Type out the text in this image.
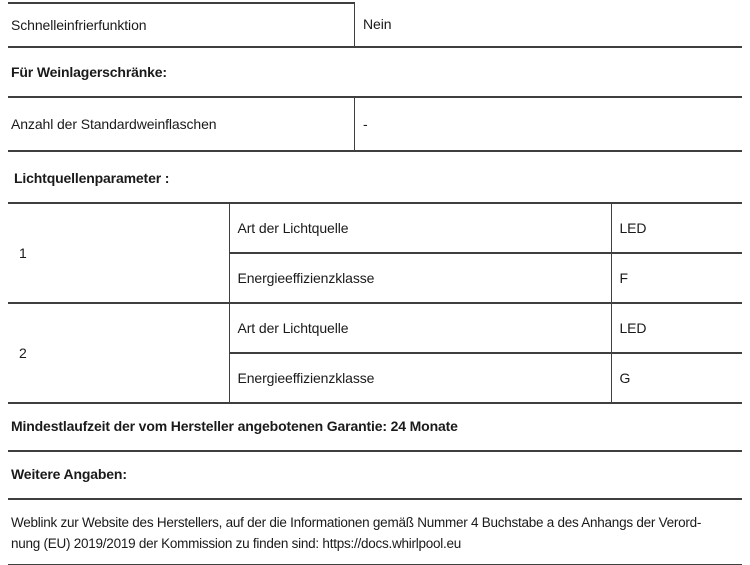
Schnelleinfrierfunktion	Nein
Für Weinlagerschränke:
Anzahl der Standardweinflaschen	-
Lichtquellenparameter :
1	Art der Lichtquelle	LED
	Energieeffizienzklasse	F
2	Art der Lichtquelle	LED
	Energieeffizienzklasse	G
Mindestlaufzeit der vom Hersteller angebotenen Garantie: 24 Monate
Weitere Angaben:
Weblink zur Website des Herstellers, auf der die Informationen gemäß Nummer 4 Buchstabe a des Anhangs der Verord-
nung (EU) 2019/2019 der Kommission zu finden sind: https://docs.whirlpool.eu
